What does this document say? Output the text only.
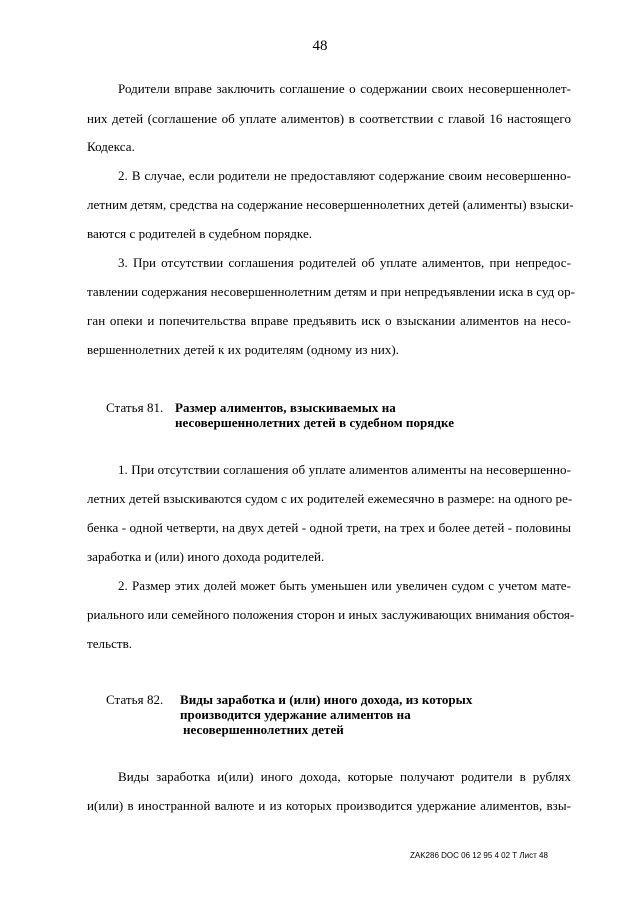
48
Родители вправе заключить соглашение о содержании своих несовершеннолет-
них детей (соглашение об уплате алиментов) в соответствии с главой 16 настоящего
Кодекса.
2. В случае, если родители не предоставляют содержание своим несовершенно-
летним детям, средства на содержание несовершеннолетних детей (алименты) взыски-
ваются с родителей в судебном порядке.
3. При отсутствии соглашения родителей об уплате алиментов, при непредос-
тавлении содержания несовершеннолетним детям и при непредъявлении иска в суд ор-
ган опеки и попечительства вправе предъявить иск о взыскании алиментов на несо-
вершеннолетних детей к их родителям (одному из них).
Статья 81. Размер алиментов, взыскиваемых на
несовершеннолетних детей в судебном порядке
1. При отсутствии соглашения об уплате алиментов алименты на несовершенно-
летних детей взыскиваются судом с их родителей ежемесячно в размере: на одного ре-
бенка - одной четверти, на двух детей - одной трети, на трех и более детей - половины
заработка и (или) иного дохода родителей.
2. Размер этих долей может быть уменьшен или увеличен судом с учетом мате-
риального или семейного положения сторон и иных заслуживающих внимания обстоя-
тельств.
Статья 82. Виды заработка и (или) иного дохода, из которых
производится удержание алиментов на
несовершеннолетних детей
Виды заработка и(или) иного дохода, которые получают родители в рублях
и(или) в иностранной валюте и из которых производится удержание алиментов, взы-
ZAK286 DOC 06 12 95 4 02 Т Лист 48
